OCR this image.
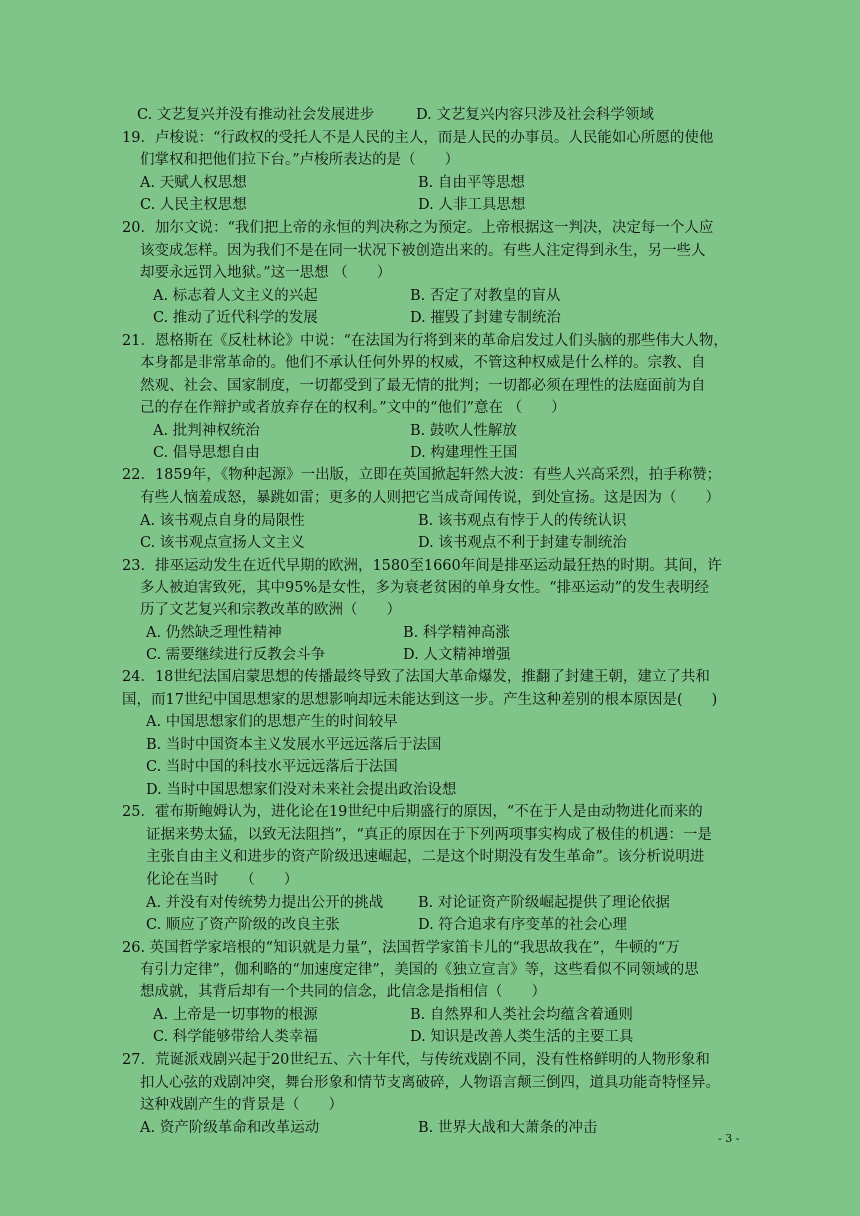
C. 文艺复兴并没有推动社会发展进步	D. 文艺复兴内容只涉及社会科学领域
19．卢梭说：“行政权的受托人不是人民的主人，而是人民的办事员。人民能如心所愿的使他
们掌权和把他们拉下台。”卢梭所表达的是（　　）
A. 天赋人权思想	B. 自由平等思想
C. 人民主权思想	D. 人非工具思想
20．加尔文说：“我们把上帝的永恒的判决称之为预定。上帝根据这一判决，决定每一个人应
该变成怎样。因为我们不是在同一状况下被创造出来的。有些人注定得到永生，另一些人
却要永远罚入地狱。”这一思想 （　　）
A. 标志着人文主义的兴起	B. 否定了对教皇的盲从
C. 推动了近代科学的发展	D. 摧毁了封建专制统治
21．恩格斯在《反杜林论》中说：“在法国为行将到来的革命启发过人们头脑的那些伟大人物，
本身都是非常革命的。他们不承认任何外界的权威，不管这种权威是什么样的。宗教、自
然观、社会、国家制度，一切都受到了最无情的批判；一切都必须在理性的法庭面前为自
己的存在作辩护或者放弃存在的权利。”文中的“他们”意在 （　　）
A. 批判神权统治	B. 鼓吹人性解放
C. 倡导思想自由	D. 构建理性王国
22．1859年，《物种起源》一出版，立即在英国掀起轩然大波：有些人兴高采烈，拍手称赞；
有些人恼羞成怒，暴跳如雷；更多的人则把它当成奇闻传说，到处宣扬。这是因为（　　）
A. 该书观点自身的局限性	B. 该书观点有悖于人的传统认识
C. 该书观点宣扬人文主义	D. 该书观点不利于封建专制统治
23．排巫运动发生在近代早期的欧洲，1580至1660年间是排巫运动最狂热的时期。其间，许
多人被迫害致死，其中95%是女性，多为衰老贫困的单身女性。“排巫运动”的发生表明经
历了文艺复兴和宗教改革的欧洲（　　）
A. 仍然缺乏理性精神	B. 科学精神高涨
C. 需要继续进行反教会斗争	D. 人文精神增强
24．18世纪法国启蒙思想的传播最终导致了法国大革命爆发，推翻了封建王朝，建立了共和
国，而17世纪中国思想家的思想影响却远未能达到这一步。产生这种差别的根本原因是(　　)
A. 中国思想家们的思想产生的时间较早
B. 当时中国资本主义发展水平远远落后于法国
C. 当时中国的科技水平远远落后于法国
D. 当时中国思想家们没对未来社会提出政治设想
25．霍布斯鲍姆认为，进化论在19世纪中后期盛行的原因，“不在于人是由动物进化而来的
证据来势太猛，以致无法阻挡”，“真正的原因在于下列两项事实构成了极佳的机遇：一是
主张自由主义和进步的资产阶级迅速崛起，二是这个时期没有发生革命”。该分析说明进
化论在当时　　（　　）
A. 并没有对传统势力提出公开的挑战 B. 对论证资产阶级崛起提供了理论依据
C. 顺应了资产阶级的改良主张	D. 符合追求有序变革的社会心理
26. 英国哲学家培根的“知识就是力量”，法国哲学家笛卡儿的“我思故我在”，牛顿的“万
有引力定律”，伽利略的“加速度定律”，美国的《独立宣言》等，这些看似不同领域的思
想成就，其背后却有一个共同的信念，此信念是指相信（　　）
A. 上帝是一切事物的根源	B. 自然界和人类社会均蕴含着通则
C. 科学能够带给人类幸福	D. 知识是改善人类生活的主要工具
27．荒诞派戏剧兴起于20世纪五、六十年代，与传统戏剧不同，没有性格鲜明的人物形象和
扣人心弦的戏剧冲突，舞台形象和情节支离破碎，人物语言颠三倒四，道具功能奇特怪异。
这种戏剧产生的背景是（　　）
A. 资产阶级革命和改革运动	B. 世界大战和大萧条的冲击
- 3 -
